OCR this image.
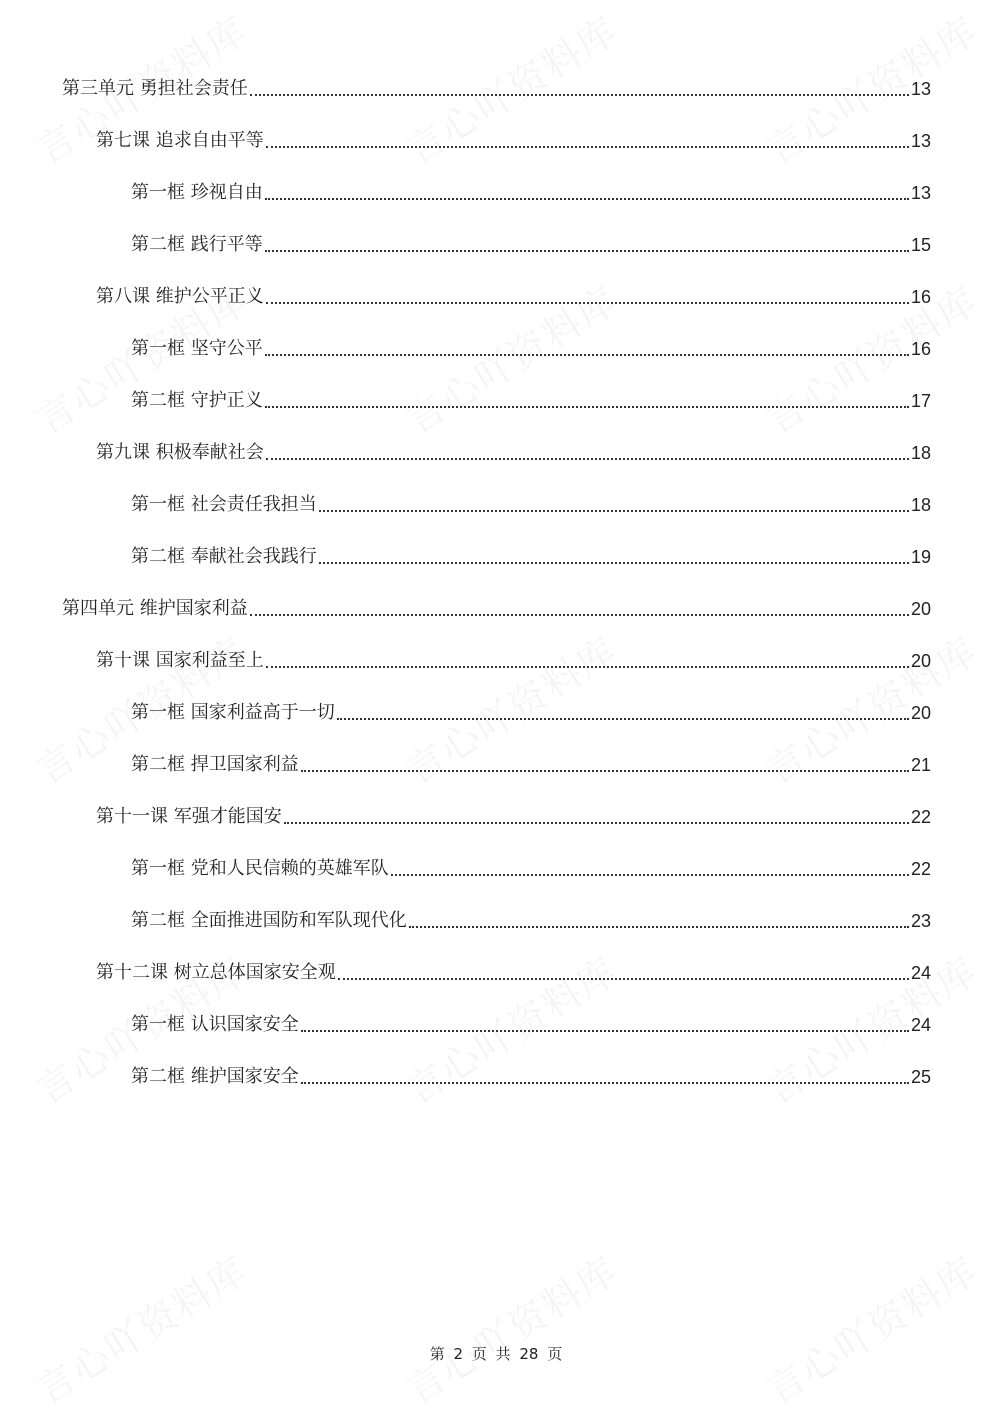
第三单元 勇担社会责任	13
第七课 追求自由平等	13
第一框 珍视自由	13
第二框 践行平等	15
第八课 维护公平正义	16
第一框 坚守公平	16
第二框 守护正义	17
第九课 积极奉献社会	18
第一框 社会责任我担当	18
第二框 奉献社会我践行	19
第四单元 维护国家利益	20
第十课 国家利益至上	20
第一框 国家利益高于一切	20
第二框 捍卫国家利益	21
第十一课 军强才能国安	22
第一框 党和人民信赖的英雄军队	22
第二框 全面推进国防和军队现代化	23
第十二课 树立总体国家安全观	24
第一框 认识国家安全	24
第二框 维护国家安全	25
第 2 页 共 28 页
